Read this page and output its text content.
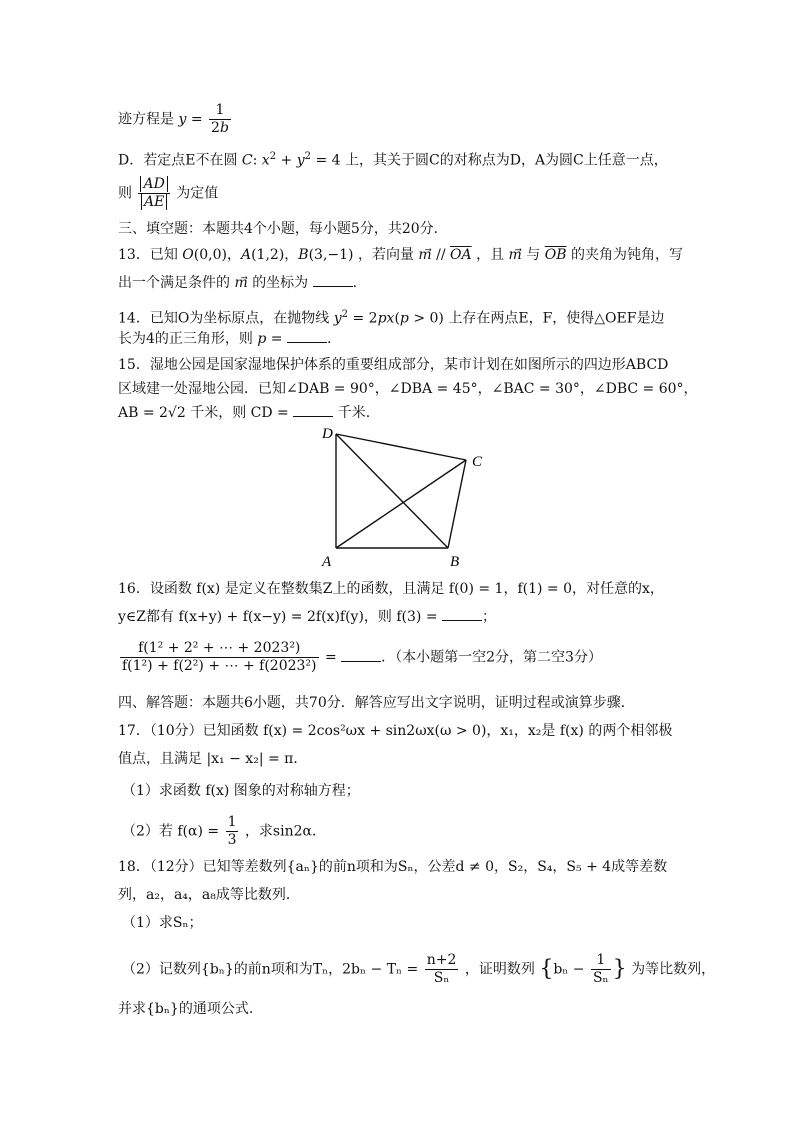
迹方程是 $y = \frac{1}{2b}$
D．若定点E不在圆 C: $x^2 + y^2 = 4$ 上，其关于圆C的对称点为D，A为圆C上任意一点，
则 $\frac{AD}{AE}$ 为定值
三、填空题：本题共4个小题，每小题5分，共20分．
13．已知 O(0,0)，A(1,2)，B(3,−1) ，若向量 m⃗ // $\overline{OA}$ ，且 m⃗ 与 $\overline{OB}$ 的夹角为钝角，写
出一个满足条件的 m⃗ 的坐标为	.
14．已知O为坐标原点，在抛物线 $y^2 = 2px(p > 0)$ 上存在两点E，F，使得△OEF是边
长为4的正三角形，则 p =	.
15．湿地公园是国家湿地保护体系的重要组成部分，某市计划在如图所示的四边形ABCD
区域建一处湿地公园．已知∠DAB = 90°，∠DBA = 45°，∠BAC = 30°，∠DBC = 60°，
AB = 2√2 千米，则 CD =	千米.
D
C
A	B
16．设函数 f(x) 是定义在整数集Z上的函数，且满足 f(0) = 1，f(1) = 0，对任意的x，
y∈Z都有 f(x+y) + f(x−y) = 2f(x)f(y)，则 f(3) =	；
$\frac{\text{f(1² + 2² + ⋯ + 2023²)}}{\text{f(1²) + f(2²) + ⋯ + f(2023²)}}$ =	．（本小题第一空2分，第二空3分）
四、解答题：本题共6小题，共70分．解答应写出文字说明，证明过程或演算步骤．
17．（10分）已知函数 f(x) = 2cos²ωx + sin2ωx(ω > 0)，x₁，x₂是 f(x) 的两个相邻极
值点，且满足 |x₁ − x₂| = π．
（1）求函数 f(x) 图象的对称轴方程；
（2）若 $f(\alpha) = \frac{1}{3}$ ，求sin2α．
18．（12分）已知等差数列{aₙ}的前n项和为Sₙ，公差d ≠ 0，S₂，S₄，S₅ + 4成等差数
列，a₂，a₄，a₈成等比数列．
（1）求Sₙ；
（2）记数列{bₙ}的前n项和为Tₙ，$2b_n - T_n = \frac{n+2}{\text{Sₙ}}$ ，证明数列 {$b_n - \frac{1}{\text{Sₙ}}$ } 为等比数列，
并求{bₙ}的通项公式.
